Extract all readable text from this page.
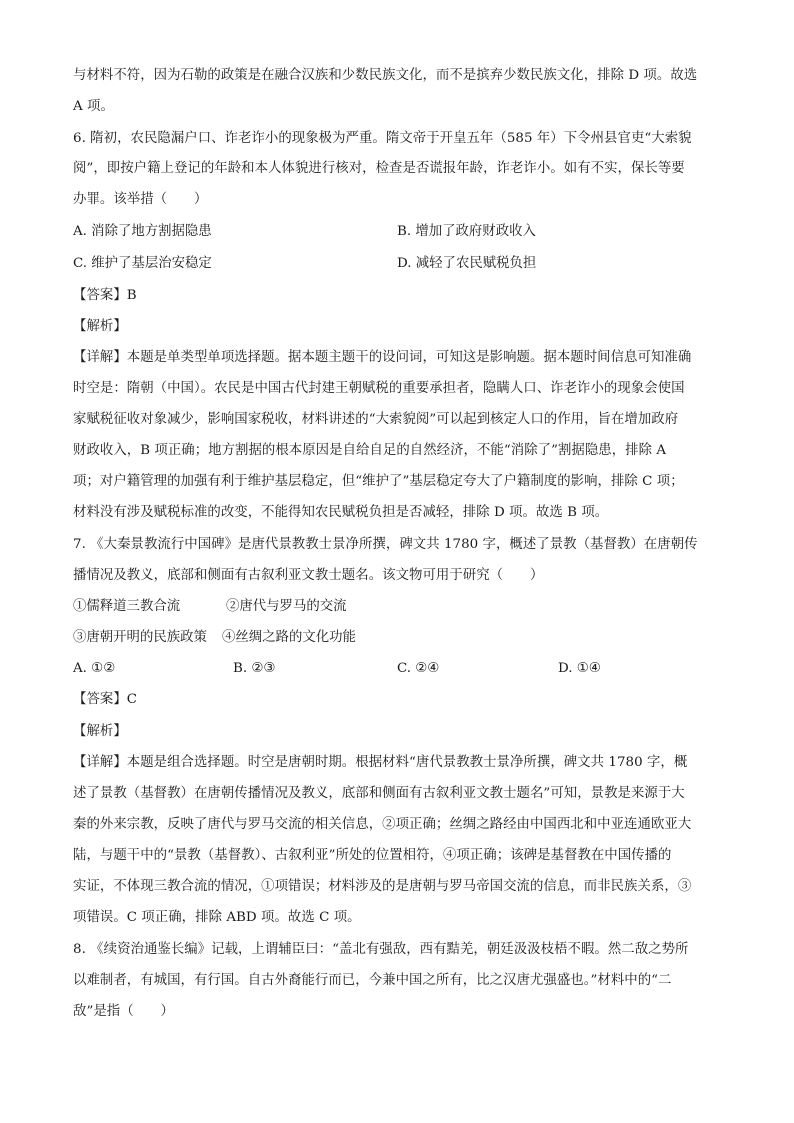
与材料不符，因为石勒的政策是在融合汉族和少数民族文化，而不是摈弃少数民族文化，排除 D 项。故选
A 项。
6. 隋初，农民隐漏户口、诈老诈小的现象极为严重。隋文帝于开皇五年（585 年）下令州县官吏“大索貌
阅”，即按户籍上登记的年龄和本人体貌进行核对，检查是否谎报年龄，诈老诈小。如有不实，保长等要
办罪。该举措（　　）
A. 消除了地方割据隐患	B. 增加了政府财政收入
C. 维护了基层治安稳定	D. 减轻了农民赋税负担
【答案】B
【解析】
【详解】本题是单类型单项选择题。据本题主题干的设问词，可知这是影响题。据本题时间信息可知准确
时空是：隋朝（中国）。农民是中国古代封建王朝赋税的重要承担者，隐瞒人口、诈老诈小的现象会使国
家赋税征收对象减少，影响国家税收，材料讲述的“大索貌阅”可以起到核定人口的作用，旨在增加政府
财政收入，B 项正确；地方割据的根本原因是自给自足的自然经济，不能“消除了”割据隐患，排除 A
项；对户籍管理的加强有利于维护基层稳定，但“维护了”基层稳定夸大了户籍制度的影响，排除 C 项；
材料没有涉及赋税标准的改变，不能得知农民赋税负担是否减轻，排除 D 项。故选 B 项。
7. 《大秦景教流行中国碑》是唐代景教教士景净所撰，碑文共 1780 字，概述了景教（基督教）在唐朝传
播情况及教义，底部和侧面有古叙利亚文教士题名。该文物可用于研究（　　）
①儒释道三教合流	②唐代与罗马的交流
③唐朝开明的民族政策 ④丝绸之路的文化功能
A. ①②	B. ②③	C. ②④	D. ①④
【答案】C
【解析】
【详解】本题是组合选择题。时空是唐朝时期。根据材料“唐代景教教士景净所撰，碑文共 1780 字，概
述了景教（基督教）在唐朝传播情况及教义，底部和侧面有古叙利亚文教士题名”可知，景教是来源于大
秦的外来宗教，反映了唐代与罗马交流的相关信息，②项正确；丝绸之路经由中国西北和中亚连通欧亚大
陆，与题干中的“景教（基督教）、古叙利亚”所处的位置相符，④项正确；该碑是基督教在中国传播的
实证，不体现三教合流的情况，①项错误；材料涉及的是唐朝与罗马帝国交流的信息，而非民族关系，③
项错误。C 项正确，排除 ABD 项。故选 C 项。
8. 《续资治通鉴长编》记载，上谓辅臣曰：“盖北有强敌，西有黠羌，朝廷汲汲枝梧不暇。然二敌之势所
以难制者，有城国，有行国。自古外裔能行而已，今兼中国之所有，比之汉唐尤强盛也。”材料中的“二
敌”是指（　　）
